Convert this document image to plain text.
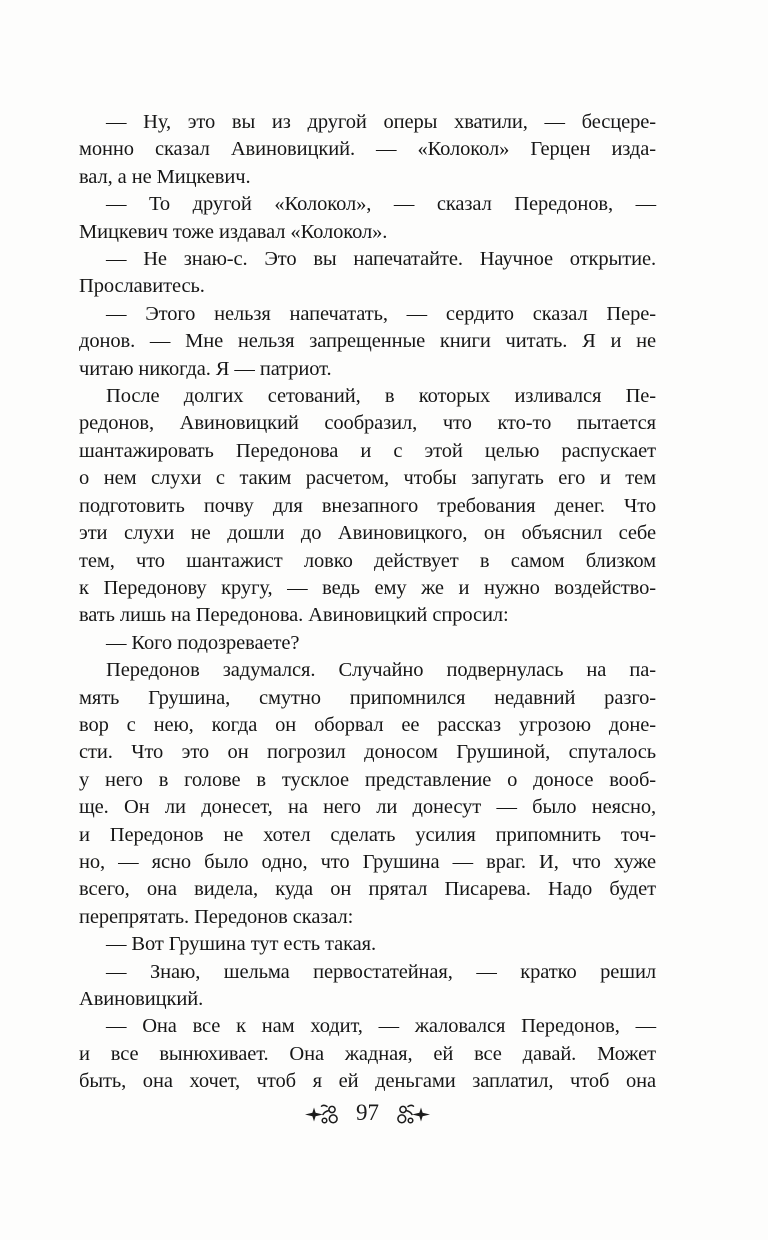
— Ну, это вы из другой оперы хватили, — бесцере-
монно сказал Авиновицкий. — «Колокол» Герцен изда-
вал, а не Мицкевич.
— То другой «Колокол», — сказал Передонов, —
Мицкевич тоже издавал «Колокол».
— Не знаю-с. Это вы напечатайте. Научное открытие.
Прославитесь.
— Этого нельзя напечатать, — сердито сказал Пере-
донов. — Мне нельзя запрещенные книги читать. Я и не
читаю никогда. Я — патриот.
После долгих сетований, в которых изливался Пе-
редонов, Авиновицкий сообразил, что кто-то пытается
шантажировать Передонова и с этой целью распускает
о нем слухи с таким расчетом, чтобы запугать его и тем
подготовить почву для внезапного требования денег. Что
эти слухи не дошли до Авиновицкого, он объяснил себе
тем, что шантажист ловко действует в самом близком
к Передонову кругу, — ведь ему же и нужно воздейство-
вать лишь на Передонова. Авиновицкий спросил:
— Кого подозреваете?
Передонов задумался. Случайно подвернулась на па-
мять Грушина, смутно припомнился недавний разго-
вор с нею, когда он оборвал ее рассказ угрозою доне-
сти. Что это он погрозил доносом Грушиной, спуталось
у него в голове в тусклое представление о доносе вооб-
ще. Он ли донесет, на него ли донесут — было неясно,
и Передонов не хотел сделать усилия припомнить точ-
но, — ясно было одно, что Грушина — враг. И, что хуже
всего, она видела, куда он прятал Писарева. Надо будет
перепрятать. Передонов сказал:
— Вот Грушина тут есть такая.
— Знаю, шельма первостатейная, — кратко решил
Авиновицкий.
— Она все к нам ходит, — жаловался Передонов, —
и все вынюхивает. Она жадная, ей все давай. Может
быть, она хочет, чтоб я ей деньгами заплатил, чтоб она
97
